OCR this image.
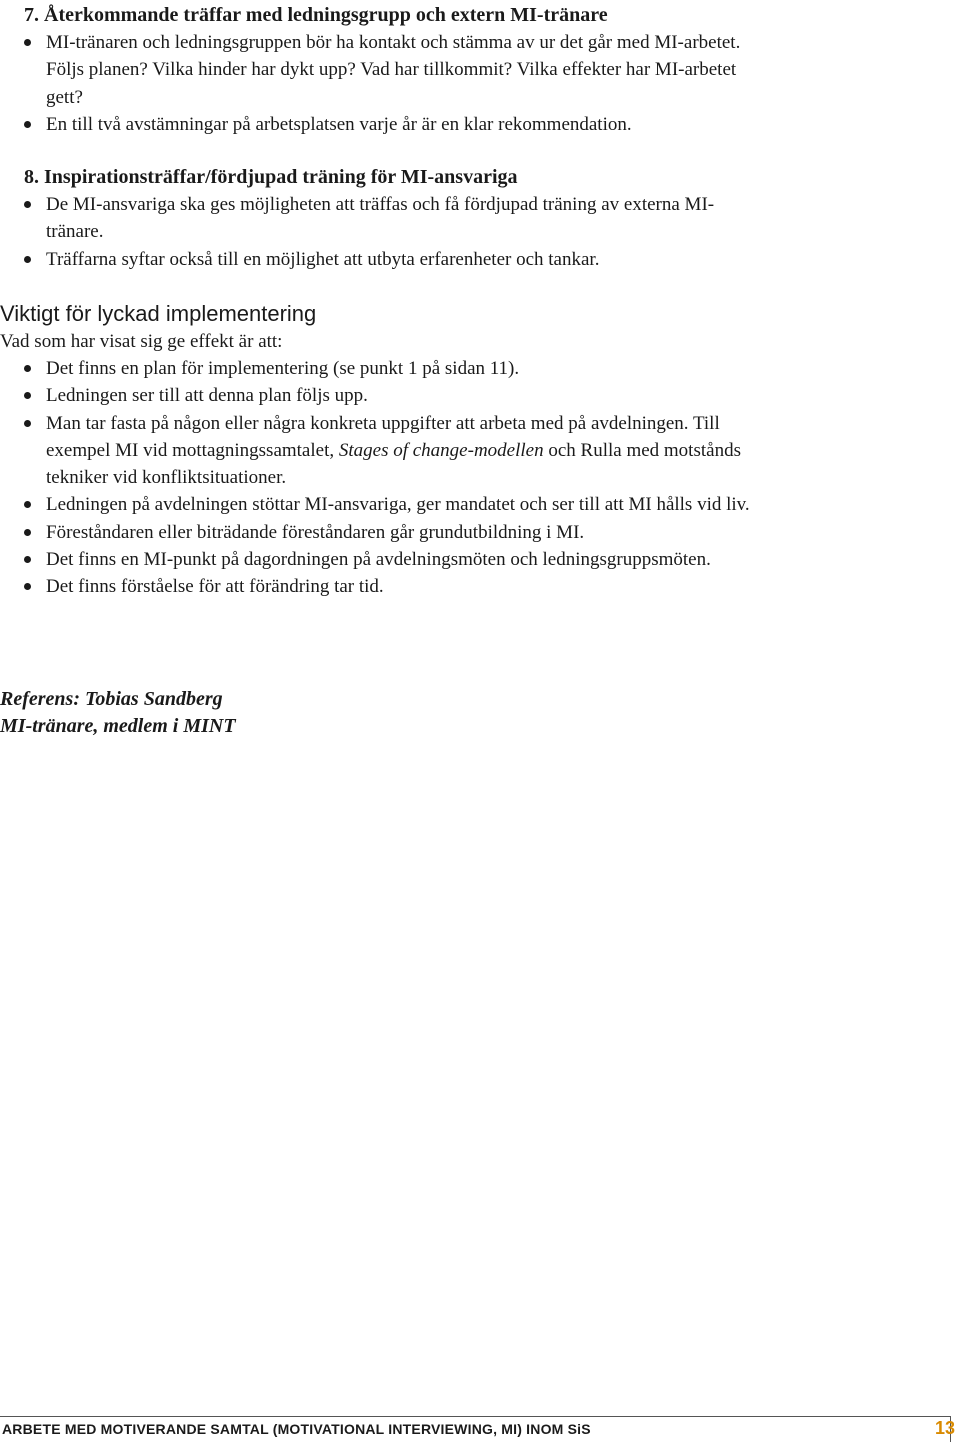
7. Återkommande träffar med ledningsgrupp och extern MI-tränare
MI-tränaren och ledningsgruppen bör ha kontakt och stämma av ur det går med MI-arbetet. Följs planen? Vilka hinder har dykt upp? Vad har tillkommit? Vilka effekter har MI-arbetet gett?
En till två avstämningar på arbetsplatsen varje år är en klar rekommendation.
8. Inspirationsträffar/fördjupad träning för MI-ansvariga
De MI-ansvariga ska ges möjligheten att träffas och få fördjupad träning av externa MI-tränare.
Träffarna syftar också till en möjlighet att utbyta erfarenheter och tankar.
Viktigt för lyckad implementering
Vad som har visat sig ge effekt är att:
Det finns en plan för implementering (se punkt 1 på sidan 11).
Ledningen ser till att denna plan följs upp.
Man tar fasta på någon eller några konkreta uppgifter att arbeta med på avdelningen. Till exempel MI vid mottagningssamtalet, Stages of change-modellen och Rulla med motstånds tekniker vid konfliktsituationer.
Ledningen på avdelningen stöttar MI-ansvariga, ger mandatet och ser till att MI hålls vid liv.
Föreståndaren eller biträdande föreståndaren går grundutbildning i MI.
Det finns en MI-punkt på dagordningen på avdelningsmöten och ledningsgruppsmöten.
Det finns förståelse för att förändring tar tid.
Referens: Tobias Sandberg
MI-tränare, medlem i MINT
ARBETE MED MOTIVERANDE SAMTAL (MOTIVATIONAL INTERVIEWING, MI) INOM SiS	13
